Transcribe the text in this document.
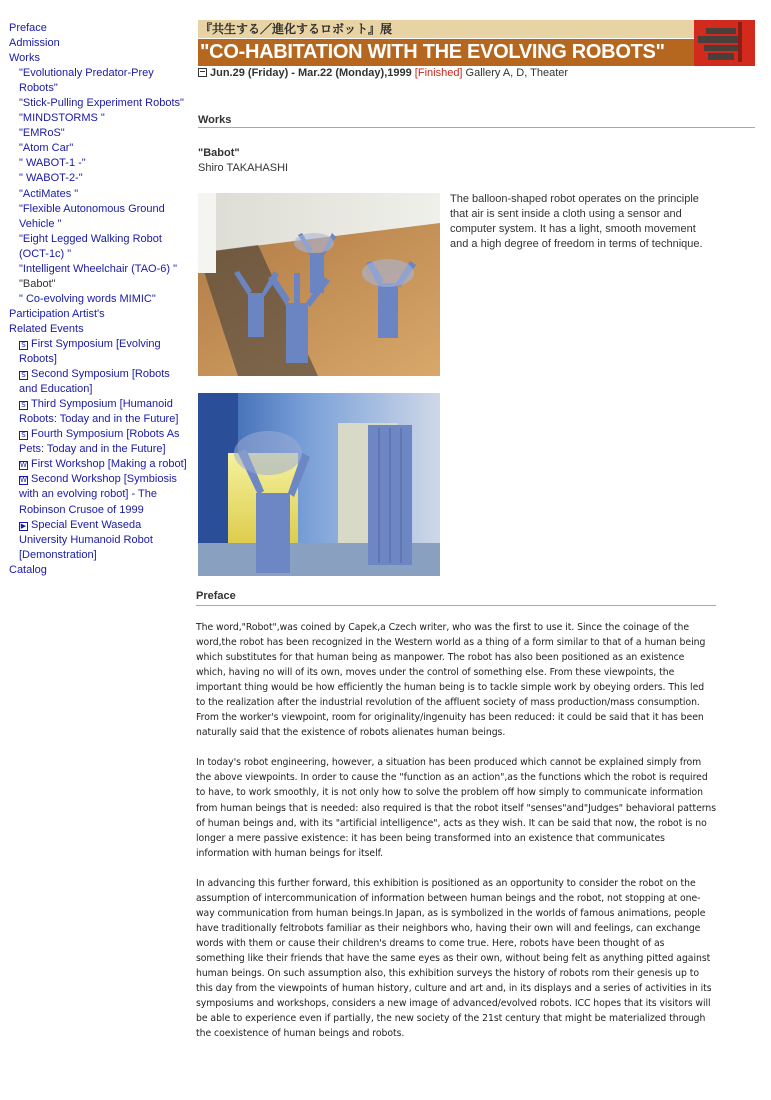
Preface
Admission
Works
"Evolutionaly Predator-Prey Robots"
"Stick-Pulling Experiment Robots"
"MINDSTORMS "
"EMRoS"
"Atom Car"
" WABOT-1 -"
" WABOT-2-"
"ActiMates "
"Flexible Autonomous Ground Vehicle "
"Eight Legged Walking Robot (OCT-1c) "
"Intelligent Wheelchair (TAO-6) "
"Babot"
" Co-evolving words MIMIC"
Participation Artist's
Related Events
S First Symposium [Evolving Robots]
S Second Symposium [Robots and Education]
S Third Symposium [Humanoid Robots: Today and in the Future]
S Fourth Symposium [Robots As Pets: Today and in the Future]
W First Workshop [Making a robot]
W Second Workshop [Symbiosis with an evolving robot] - The Robinson Crusoe of 1999
▶ Special Event Waseda University Humanoid Robot [Demonstration]
Catalog
『共生する／進化するロボット』展
"CO-HABITATION WITH THE EVOLVING ROBOTS"
Jun.29 (Friday) - Mar.22 (Monday),1999 [Finished] Gallery A, D, Theater
Works
"Babot"
Shiro TAKAHASHI
The balloon-shaped robot operates on the principle that air is sent inside a cloth using a sensor and computer system. It has a light, smooth movement and a high degree of freedom in terms of technique.
Preface

The word,"Robot",was coined by Capek,a Czech writer, who was the first to use it. Since the coinage of the word,the robot has been recognized in the Western world as a thing of a form similar to that of a human being which substitutes for that human being as manpower. The robot has also been positioned as an existence which, having no will of its own, moves under the control of something else. From these viewpoints, the important thing would be how efficiently the human being is to tackle simple work by obeying orders. This led to the realization after the industrial revolution of the affluent society of mass production/mass consumption. From the worker's viewpoint, room for originality/ingenuity has been reduced: it could be said that it has been naturally said that the existence of robots alienates human beings.

In today's robot engineering, however, a situation has been produced which cannot be explained simply from the above viewpoints. In order to cause the "function as an action",as the functions which the robot is required to have, to work smoothly, it is not only how to solve the problem off how simply to communicate information from human beings that is needed: also required is that the robot itself "senses"and"Judges" behavioral patterns of human beings and, with its "artificial intelligence", acts as they wish. It can be said that now, the robot is no longer a mere passive existence: it has been being transformed into an existence that communicates information with human beings for itself.

In advancing this further forward, this exhibition is positioned as an opportunity to consider the robot on the assumption of intercommunication of information between human beings and the robot, not stopping at one-way communication from human beings.In Japan, as is symbolized in the worlds of famous animations, people have traditionally feltrobots familiar as their neighbors who, having their own will and feelings, can exchange words with them or cause their children's dreams to come true. Here, robots have been thought of as something like their friends that have the same eyes as their own, without being felt as anything pitted against human beings. On such assumption also, this exhibition surveys the history of robots rom their genesis up to this day from the viewpoints of human history, culture and art and, in its displays and a series of activities in its symposiums and workshops, considers a new image of advanced/evolved robots. ICC hopes that its visitors will be able to experience even if partially, the new society of the 21st century that might be materialized through the coexistence of human beings and robots.
